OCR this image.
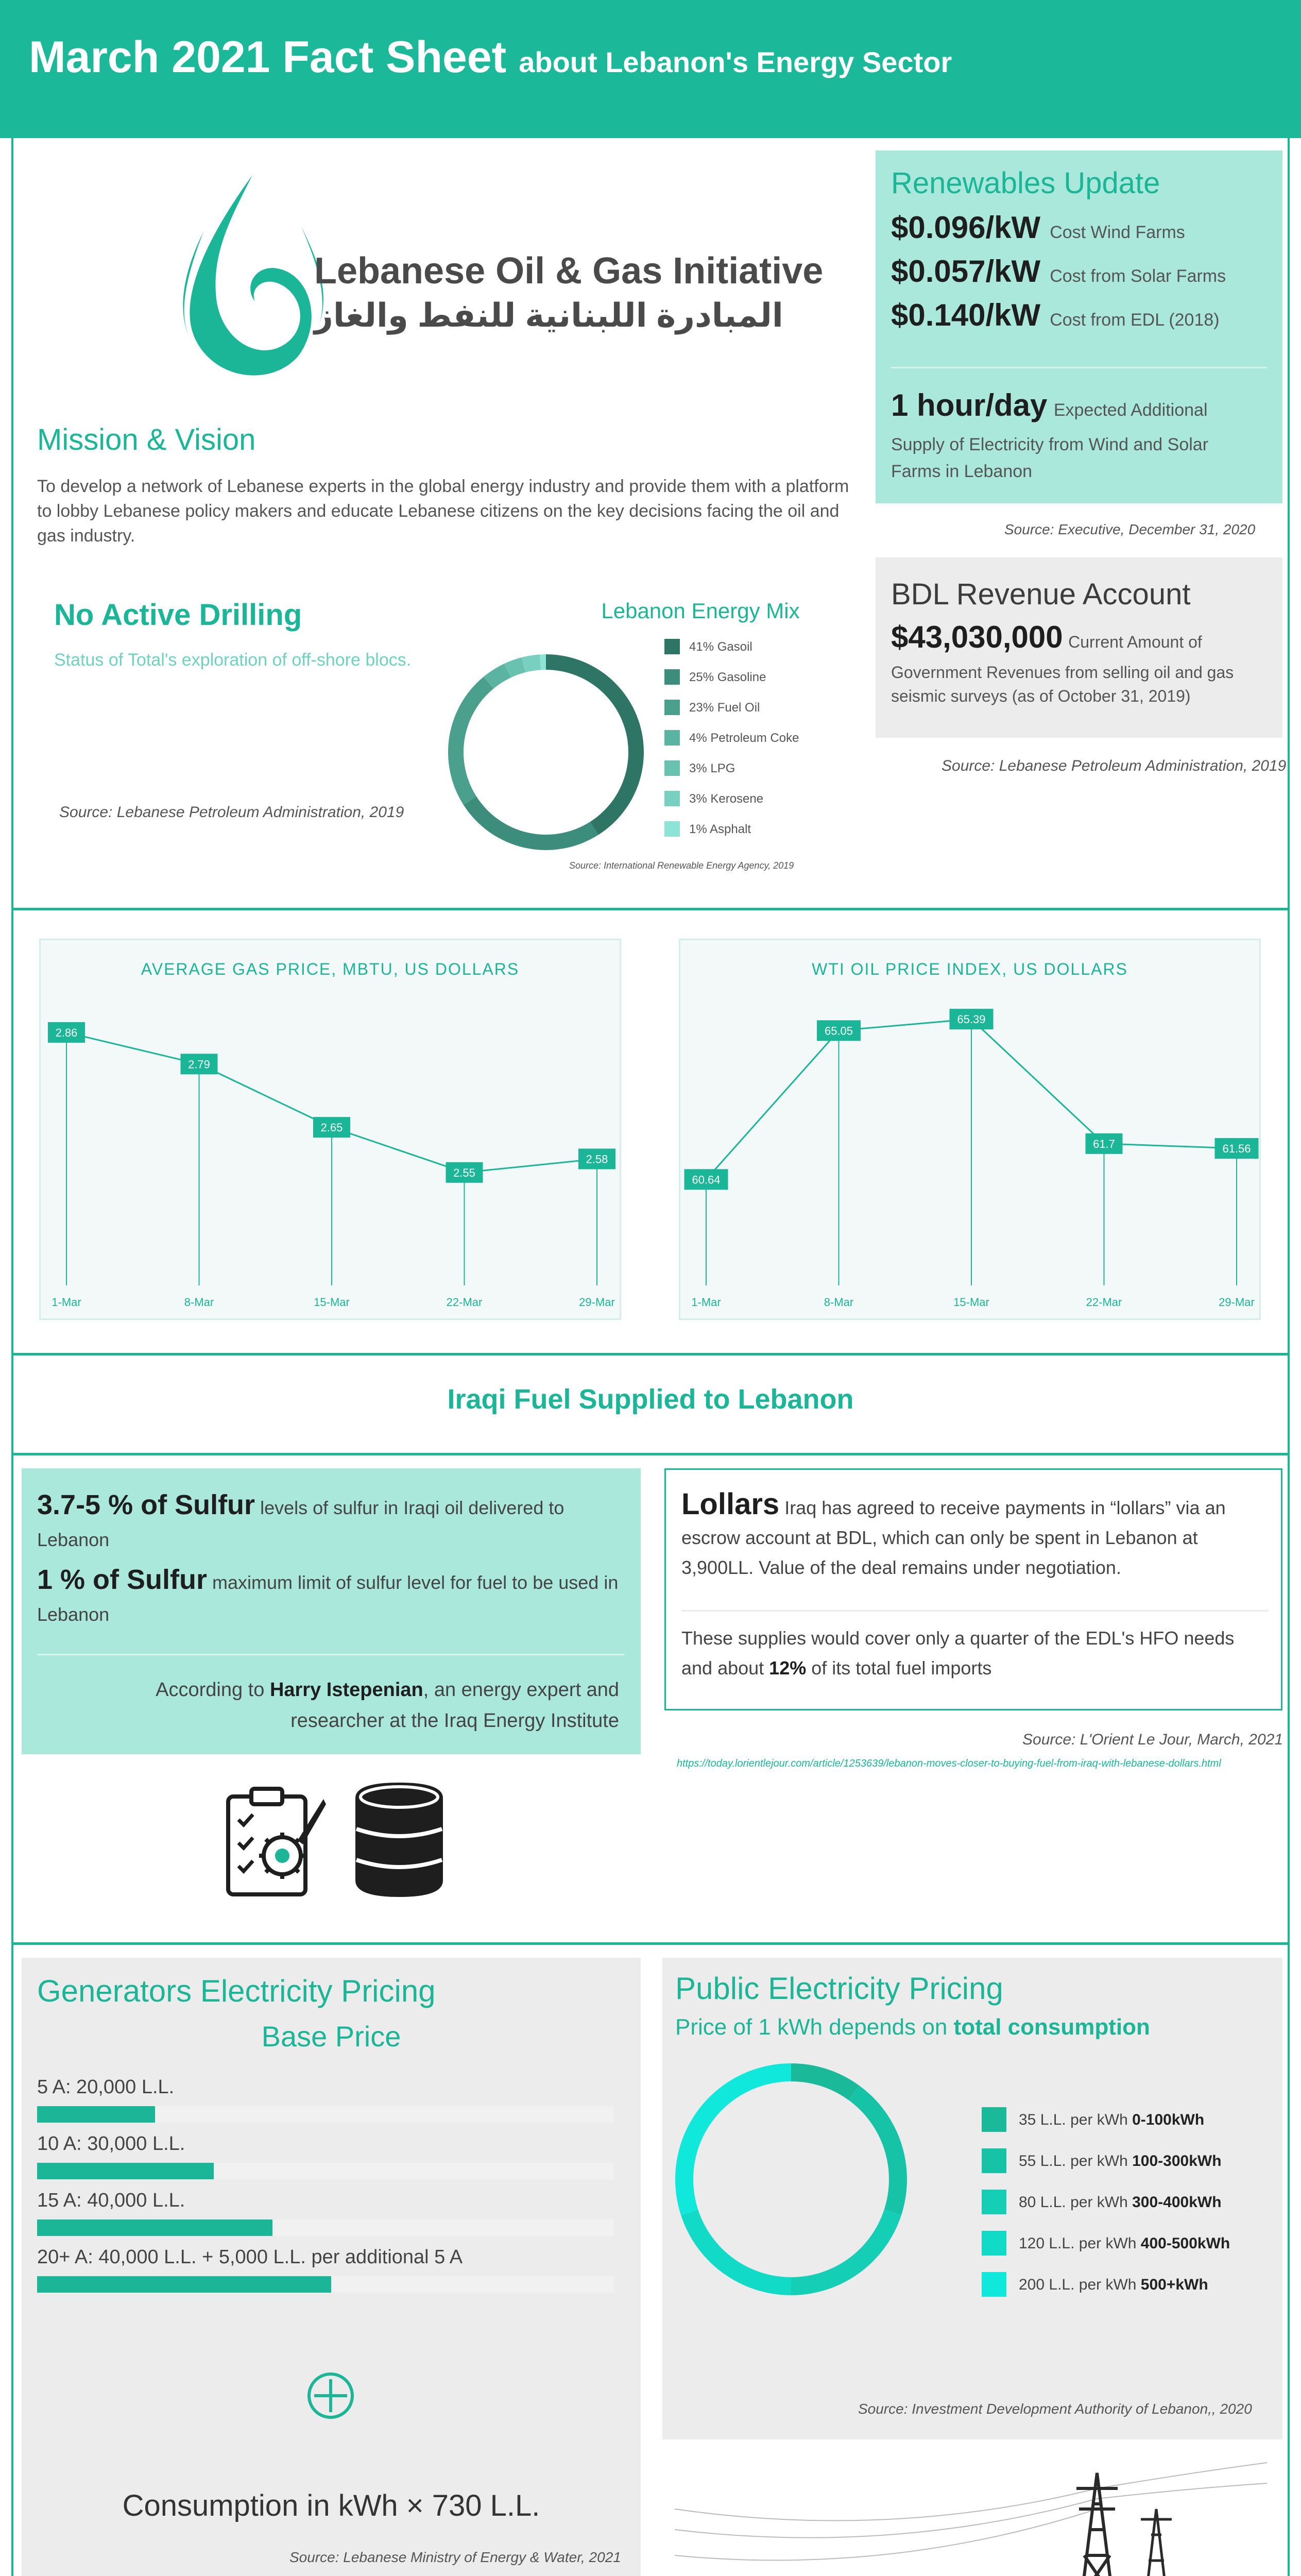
March 2021 Fact Sheet about Lebanon's Energy Sector
Lebanese Oil & Gas Initiative
المبادرة اللبنانية للنفط والغاز
Mission & Vision
To develop a network of Lebanese experts in the global energy industry and provide them with a platform to lobby Lebanese policy makers and educate Lebanese citizens on the key decisions facing the oil and gas industry.
No Active Drilling
Status of Total's exploration of off-shore blocs.
Source: Lebanese Petroleum Administration, 2019
Lebanon Energy Mix
41% Gasoil
25% Gasoline
23% Fuel Oil
4% Petroleum Coke
3% LPG
3% Kerosene
1% Asphalt
Source: International Renewable Energy Agency, 2019
Renewables Update
$0.096/kW Cost Wind Farms
$0.057/kW Cost from Solar Farms
$0.140/kW Cost from EDL (2018)
1 hour/day Expected Additional
Supply of Electricity from Wind and Solar Farms in Lebanon
Source: Executive, December 31, 2020
BDL Revenue Account
$43,030,000 Current Amount of
Government Revenues from selling oil and gas seismic surveys (as of October 31, 2019)
Source: Lebanese Petroleum Administration, 2019
AVERAGE GAS PRICE, MBTU, US DOLLARS
2.86
1-Mar
2.79
8-Mar
2.65
15-Mar
2.55
22-Mar
2.58
29-Mar
WTI OIL PRICE INDEX, US DOLLARS
60.64
1-Mar
65.05
8-Mar
65.39
15-Mar
61.7
22-Mar
61.56
29-Mar
Iraqi Fuel Supplied to Lebanon
3.7-5 % of Sulfur levels of sulfur in Iraqi oil delivered to Lebanon
1 % of Sulfur maximum limit of sulfur level for fuel to be used in Lebanon
According to Harry Istepenian, an energy expert and researcher at the Iraq Energy Institute
Lollars Iraq has agreed to receive payments in “lollars” via an escrow account at BDL, which can only be spent in Lebanon at 3,900LL. Value of the deal remains under negotiation.
These supplies would cover only a quarter of the EDL's HFO needs and about 12% of its total fuel imports
Source: L'Orient Le Jour, March, 2021
https://today.lorientlejour.com/article/1253639/lebanon-moves-closer-to-buying-fuel-from-iraq-with-lebanese-dollars.html
Generators Electricity Pricing
Base Price
5 A: 20,000 L.L.
10 A: 30,000 L.L.
15 A: 40,000 L.L.
20+ A: 40,000 L.L. + 5,000 L.L. per additional 5 A
Consumption in kWh × 730 L.L.
Source: Lebanese Ministry of Energy & Water, 2021
Public Electricity Pricing
Price of 1 kWh depends on total consumption
35 L.L. per kWh 0-100kWh
55 L.L. per kWh 100-300kWh
80 L.L. per kWh 300-400kWh
120 L.L. per kWh 400-500kWh
200 L.L. per kWh 500+kWh
Source: Investment Development Authority of Lebanon,, 2020
